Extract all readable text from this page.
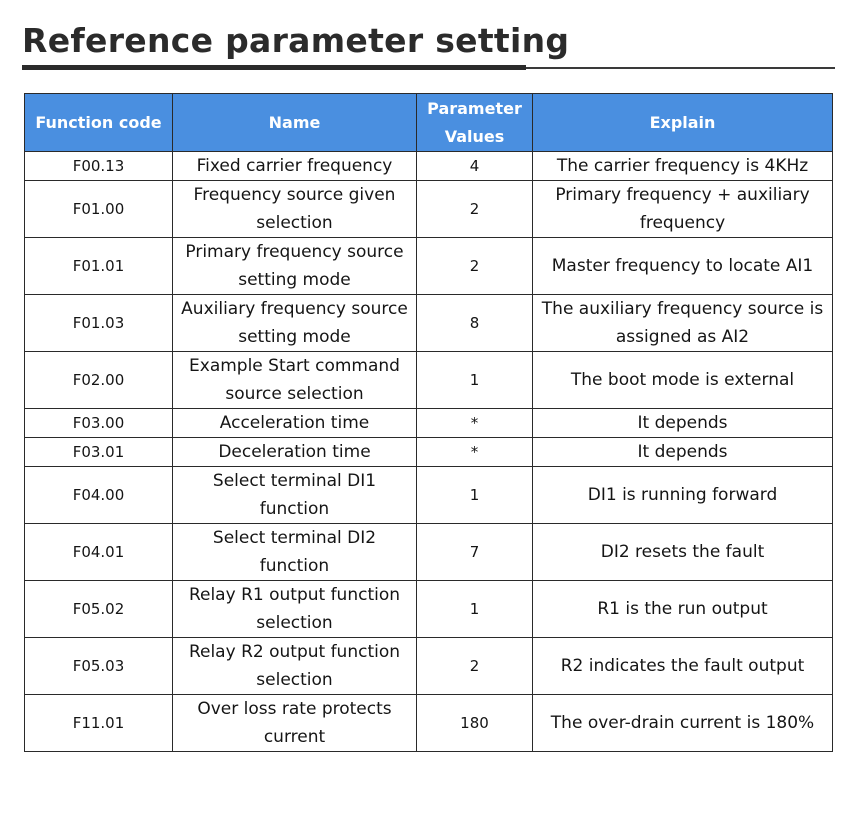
Reference parameter setting
Function code	Name	Parameter Values	Explain
F00.13	Fixed carrier frequency	4	The carrier frequency is 4KHz
F01.00	Frequency source given selection	2	Primary frequency + auxiliary frequency
F01.01	Primary frequency source setting mode	2	Master frequency to locate AI1
F01.03	Auxiliary frequency source setting mode	8	The auxiliary frequency source is assigned as AI2
F02.00	Example Start command source selection	1	The boot mode is external
F03.00	Acceleration time	*	It depends
F03.01	Deceleration time	*	It depends
F04.00	Select terminal DI1 function	1	DI1 is running forward
F04.01	Select terminal DI2 function	7	DI2 resets the fault
F05.02	Relay R1 output function selection	1	R1 is the run output
F05.03	Relay R2 output function selection	2	R2 indicates the fault output
F11.01	Over loss rate protects current	180	The over-drain current is 180%
